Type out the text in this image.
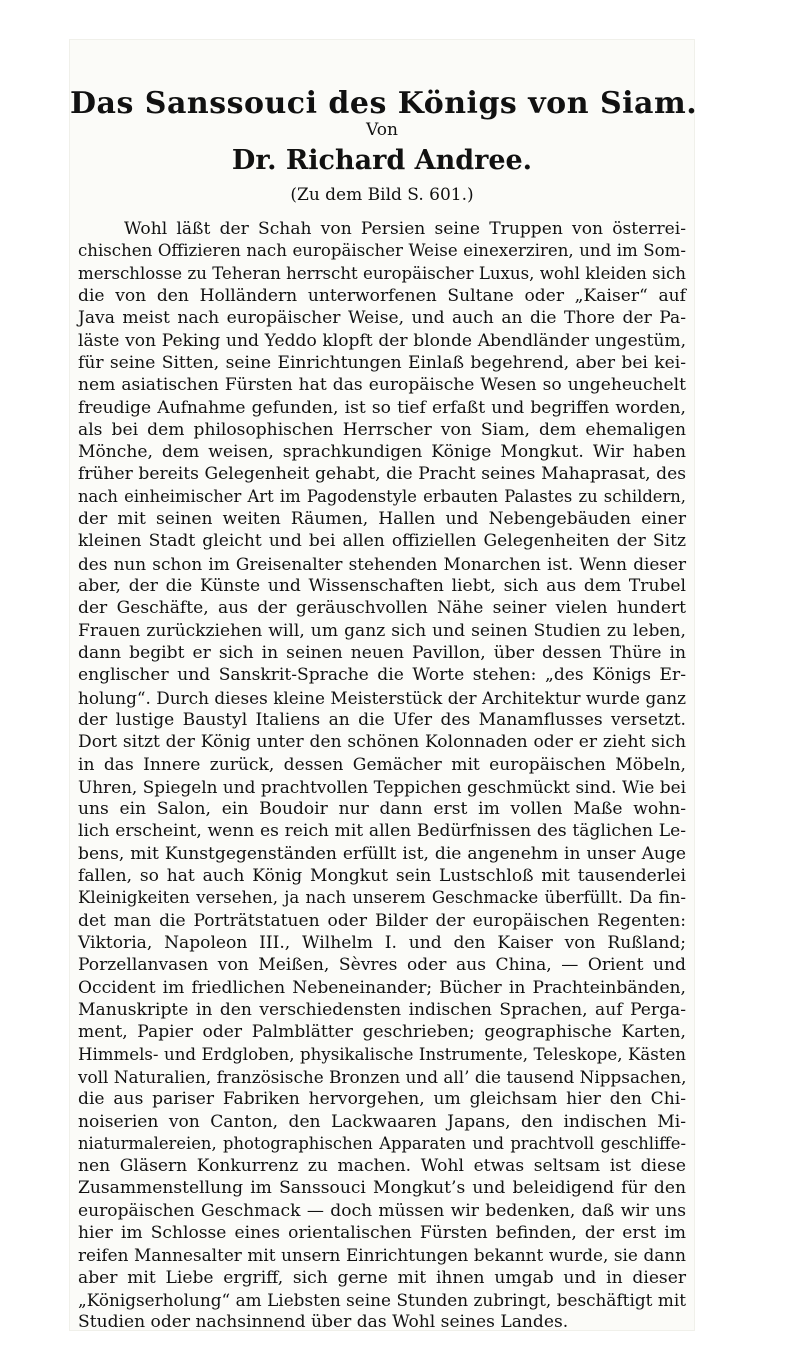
Das Sanssouci des Königs von Siam.
Von
Dr. Richard Andree.
(Zu dem Bild S. 601.)
Wohl läßt der Schah von Persien seine Truppen von österrei-
chischen Offizieren nach europäischer Weise einexerziren, und im Som-
merschlosse zu Teheran herrscht europäischer Luxus, wohl kleiden sich
die von den Holländern unterworfenen Sultane oder „Kaiser“ auf
Java meist nach europäischer Weise, und auch an die Thore der Pa-
läste von Peking und Yeddo klopft der blonde Abendländer ungestüm,
für seine Sitten, seine Einrichtungen Einlaß begehrend, aber bei kei-
nem asiatischen Fürsten hat das europäische Wesen so ungeheuchelt
freudige Aufnahme gefunden, ist so tief erfaßt und begriffen worden,
als bei dem philosophischen Herrscher von Siam, dem ehemaligen
Mönche, dem weisen, sprachkundigen Könige Mongkut. Wir haben
früher bereits Gelegenheit gehabt, die Pracht seines Mahaprasat, des
nach einheimischer Art im Pagodenstyle erbauten Palastes zu schildern,
der mit seinen weiten Räumen, Hallen und Nebengebäuden einer
kleinen Stadt gleicht und bei allen offiziellen Gelegenheiten der Sitz
des nun schon im Greisenalter stehenden Monarchen ist. Wenn dieser
aber, der die Künste und Wissenschaften liebt, sich aus dem Trubel
der Geschäfte, aus der geräuschvollen Nähe seiner vielen hundert
Frauen zurückziehen will, um ganz sich und seinen Studien zu leben,
dann begibt er sich in seinen neuen Pavillon, über dessen Thüre in
englischer und Sanskrit-Sprache die Worte stehen: „des Königs Er-
holung“. Durch dieses kleine Meisterstück der Architektur wurde ganz
der lustige Baustyl Italiens an die Ufer des Manamflusses versetzt.
Dort sitzt der König unter den schönen Kolonnaden oder er zieht sich
in das Innere zurück, dessen Gemächer mit europäischen Möbeln,
Uhren, Spiegeln und prachtvollen Teppichen geschmückt sind. Wie bei
uns ein Salon, ein Boudoir nur dann erst im vollen Maße wohn-
lich erscheint, wenn es reich mit allen Bedürfnissen des täglichen Le-
bens, mit Kunstgegenständen erfüllt ist, die angenehm in unser Auge
fallen, so hat auch König Mongkut sein Lustschloß mit tausenderlei
Kleinigkeiten versehen, ja nach unserem Geschmacke überfüllt. Da fin-
det man die Porträtstatuen oder Bilder der europäischen Regenten:
Viktoria, Napoleon III., Wilhelm I. und den Kaiser von Rußland;
Porzellanvasen von Meißen, Sèvres oder aus China, — Orient und
Occident im friedlichen Nebeneinander; Bücher in Prachteinbänden,
Manuskripte in den verschiedensten indischen Sprachen, auf Perga-
ment, Papier oder Palmblätter geschrieben; geographische Karten,
Himmels- und Erdgloben, physikalische Instrumente, Teleskope, Kästen
voll Naturalien, französische Bronzen und all’ die tausend Nippsachen,
die aus pariser Fabriken hervorgehen, um gleichsam hier den Chi-
noiserien von Canton, den Lackwaaren Japans, den indischen Mi-
niaturmalereien, photographischen Apparaten und prachtvoll geschliffe-
nen Gläsern Konkurrenz zu machen. Wohl etwas seltsam ist diese
Zusammenstellung im Sanssouci Mongkut’s und beleidigend für den
europäischen Geschmack — doch müssen wir bedenken, daß wir uns
hier im Schlosse eines orientalischen Fürsten befinden, der erst im
reifen Mannesalter mit unsern Einrichtungen bekannt wurde, sie dann
aber mit Liebe ergriff, sich gerne mit ihnen umgab und in dieser
„Königserholung“ am Liebsten seine Stunden zubringt, beschäftigt mit
Studien oder nachsinnend über das Wohl seines Landes.
